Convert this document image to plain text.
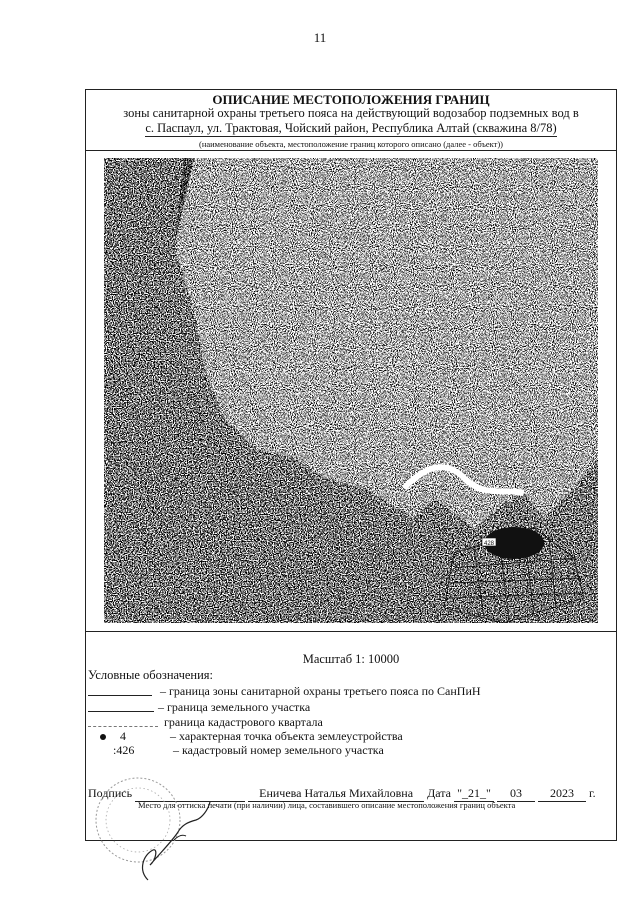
11
ОПИСАНИЕ МЕСТОПОЛОЖЕНИЯ ГРАНИЦ
зоны санитарной охраны третьего пояса на действующий водозабор подземных вод в
с. Паспаул, ул. Трактовая, Чойский район, Республика Алтай (скважина 8/78)
(наименование объекта, местоположение границ которого описано (далее - объект))
428
Масштаб 1: 10000
Условные обозначения:
– граница зоны санитарной охраны третьего пояса по СанПиН
– граница земельного участка
граница кадастрового квартала
4	– характерная точка объекта землеустройства
:426	– кадастровый номер земельного участка
Подпись	Еничева Наталья Михайловна Дата "_21_" 03 2023 г.
Место для оттиска печати (при наличии) лица, составившего описание местоположения границ объекта
